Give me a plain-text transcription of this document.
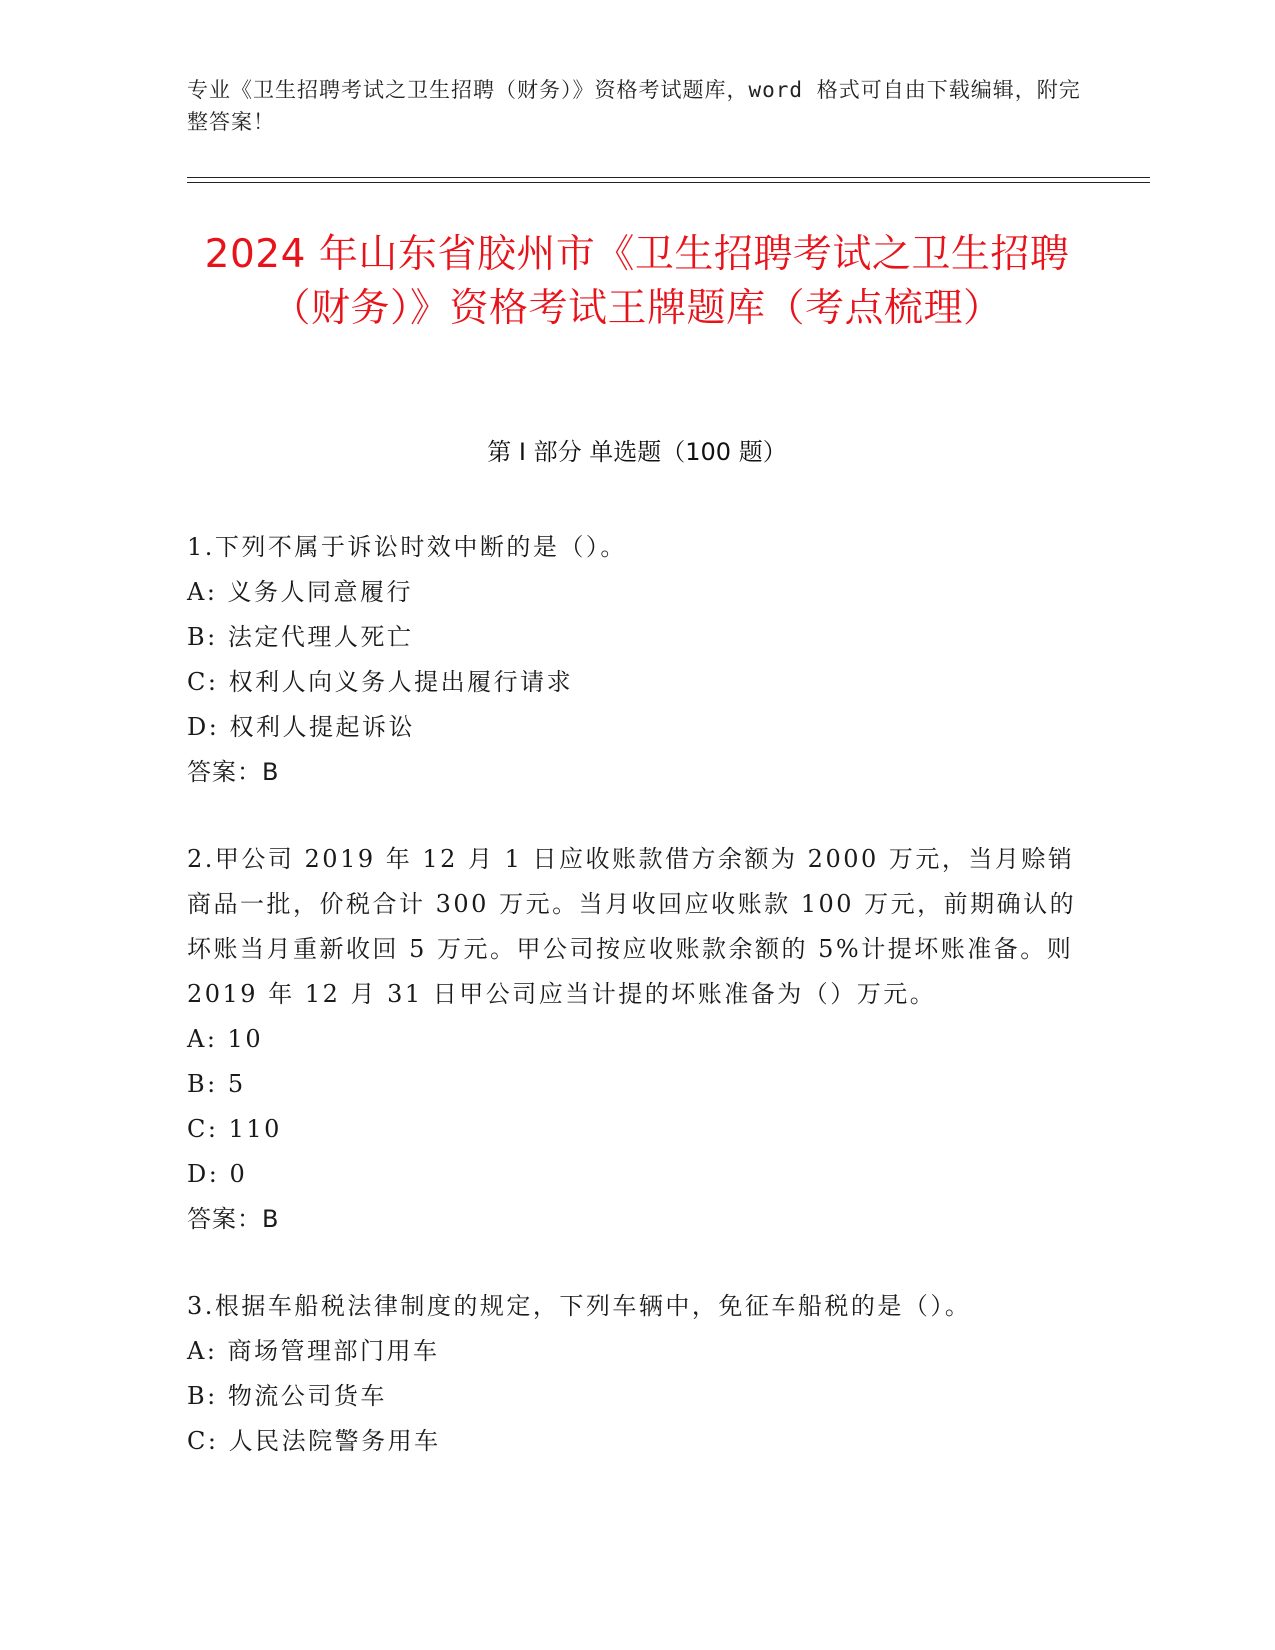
专业《卫生招聘考试之卫生招聘（财务）》资格考试题库，word 格式可自由下载编辑，附完整答案！
2024 年山东省胶州市《卫生招聘考试之卫生招聘（财务）》资格考试王牌题库（考点梳理）
第 I 部分 单选题（100 题）

1.下列不属于诉讼时效中断的是（）。

A: 义务人同意履行

B: 法定代理人死亡

C: 权利人向义务人提出履行请求

D: 权利人提起诉讼

答案：B

2.甲公司 2019 年 12 月 1 日应收账款借方余额为 2000 万元，当月赊销商品一批，价税合计 300 万元。当月收回应收账款 100 万元，前期确认的坏账当月重新收回 5 万元。甲公司按应收账款余额的 5%计提坏账准备。则 2019 年 12 月 31 日甲公司应当计提的坏账准备为（）万元。

A: 10

B: 5

C: 110

D: 0

答案：B

3.根据车船税法律制度的规定，下列车辆中，免征车船税的是（）。

A: 商场管理部门用车

B: 物流公司货车

C: 人民法院警务用车
